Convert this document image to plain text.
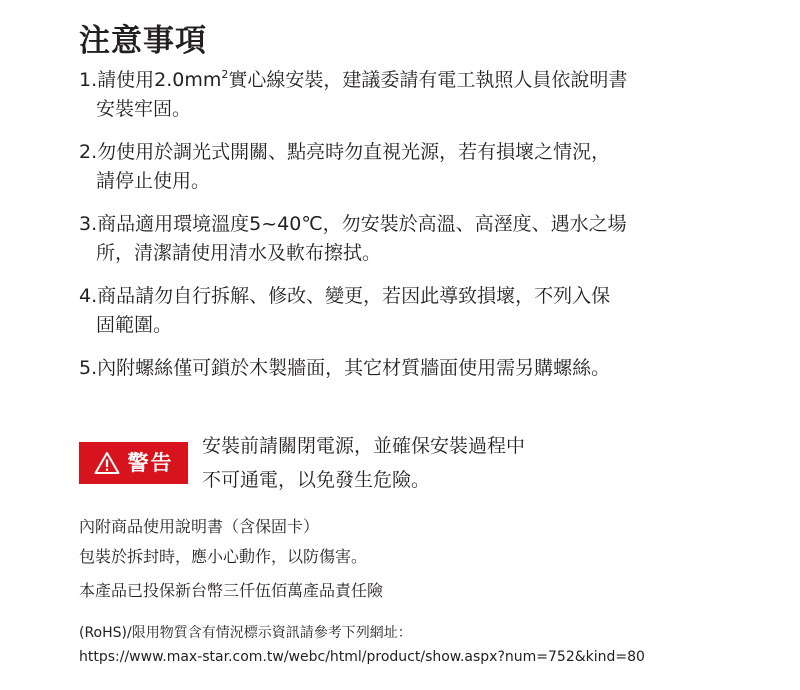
注意事項
1.請使用$2.0mm^2$實心線安裝，建議委請有電工執照人員依說明書
安裝牢固。
2.勿使用於調光式開關、點亮時勿直視光源，若有損壞之情況，
請停止使用。
3.商品適用環境溫度5~40℃，勿安裝於高溫、高溼度、遇水之場
所，清潔請使用清水及軟布擦拭。
4.商品請勿自行拆解、修改、變更，若因此導致損壞，不列入保
固範圍。
5.內附螺絲僅可鎖於木製牆面，其它材質牆面使用需另購螺絲。
警告
安裝前請關閉電源，並確保安裝過程中
不可通電，以免發生危險。
內附商品使用說明書（含保固卡）
包裝於拆封時，應小心動作，以防傷害。
本產品已投保新台幣三仟伍佰萬產品責任險
(RoHS)/限用物質含有情況標示資訊請參考下列網址：
https://www.max-star.com.tw/webc/html/product/show.aspx?num=752&kind=80
